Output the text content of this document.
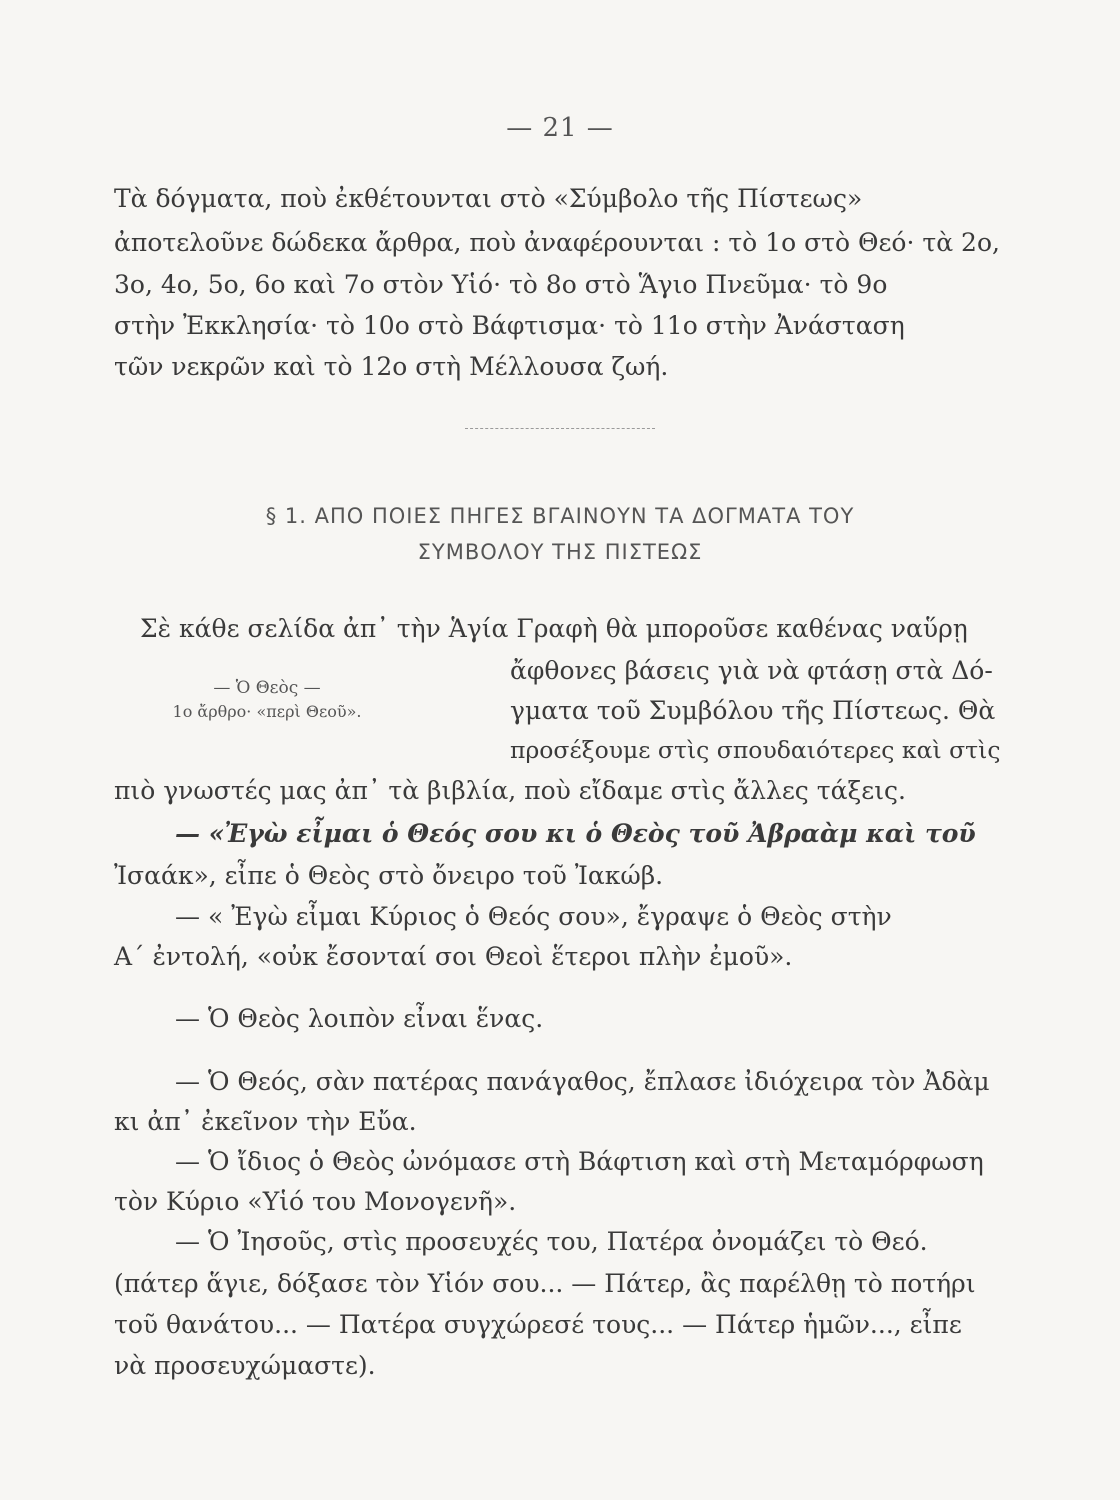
— 21 —
Τὰ δόγματα, ποὺ ἐκθέτουνται στὸ «Σύμβολο τῆς Πίστεως»
ἀποτελοῦνε δώδεκα ἄρθρα, ποὺ ἀναφέρουνται : τὸ 1ο στὸ Θεό· τὰ 2ο,
3ο, 4ο, 5ο, 6ο καὶ 7ο στὸν Υἱό· τὸ 8ο στὸ Ἅγιο Πνεῦμα· τὸ 9ο
στὴν Ἐκκλησία· τὸ 10ο στὸ Βάφτισμα· τὸ 11ο στὴν Ἀνάσταση
τῶν νεκρῶν καὶ τὸ 12ο στὴ Μέλλουσα ζωή.
§ 1. ΑΠΟ ΠΟΙΕΣ ΠΗΓΕΣ ΒΓΑΙΝΟΥΝ ΤΑ ΔΟΓΜΑΤΑ ΤΟΥ
ΣΥΜΒΟΛΟΥ ΤΗΣ ΠΙΣΤΕΩΣ
Σὲ κάθε σελίδα ἀπ᾿ τὴν Ἁγία Γραφὴ θὰ μποροῦσε καθένας ναὕρῃ
— Ὁ Θεὸς —
1ο ἄρθρο· «περὶ Θεοῦ».
ἄφθονες βάσεις γιὰ νὰ φτάσῃ στὰ Δό-
γματα τοῦ Συμβόλου τῆς Πίστεως. Θὰ
προσέξουμε στὶς σπουδαιότερες καὶ στὶς
πιὸ γνωστές μας ἀπ᾿ τὰ βιβλία, ποὺ εἴδαμε στὶς ἄλλες τάξεις.
— «Ἐγὼ εἶμαι ὁ Θεός σου κι ὁ Θεὸς τοῦ Ἀβραὰμ καὶ τοῦ
Ἰσαάκ», εἶπε ὁ Θεὸς στὸ ὄνειρο τοῦ Ἰακώβ.
— « Ἐγὼ εἶμαι Κύριος ὁ Θεός σου», ἔγραψε ὁ Θεὸς στὴν
Α´ ἐντολή, «οὐκ ἔσονταί σοι Θεοὶ ἕτεροι πλὴν ἐμοῦ».
— Ὁ Θεὸς λοιπὸν εἶναι ἕνας.
— Ὁ Θεός, σὰν πατέρας πανάγαθος, ἔπλασε ἰδιόχειρα τὸν Ἀδὰμ
κι ἀπ᾿ ἐκεῖνον τὴν Εὔα.
— Ὁ ἴδιος ὁ Θεὸς ὠνόμασε στὴ Βάφτιση καὶ στὴ Μεταμόρφωση
τὸν Κύριο «Υἱό του Μονογενῆ».
— Ὁ Ἰησοῦς, στὶς προσευχές του, Πατέρα ὀνομάζει τὸ Θεό.
(πάτερ ἅγιε, δόξασε τὸν Υἱόν σου... — Πάτερ, ἂς παρέλθῃ τὸ ποτήρι
τοῦ θανάτου... — Πατέρα συγχώρεσέ τους... — Πάτερ ἡμῶν..., εἶπε
νὰ προσευχώμαστε).
